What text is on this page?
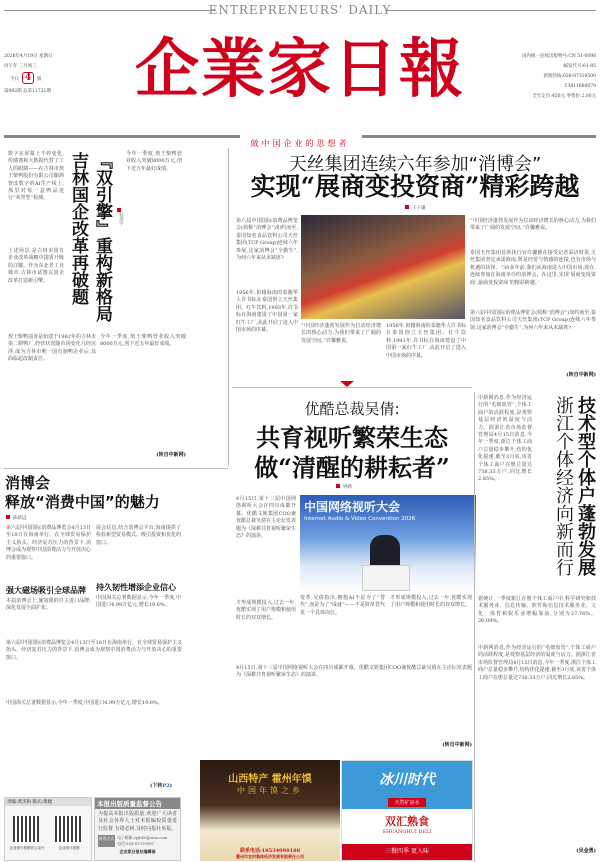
ENTREPRENEURS' DAILY
企業家日報
2026年4月19日 星期日
丙午年 三月初三
今日 4 版
第092期 总第11721期
国内统一连续出版物号:CN 51-0098
邮发代号:61-85
新闻热线:028-87319500
13811660079
全年定价:450元 零售价:2.00元
做中国企业的思想者
数字在屏幕上不停变化,传感器和大数据代替了工人的眼睛——在吉林市敖王柴鸭股份有限公司酿酒智改数字的AI生产线上,那里对每一盒鸭品进行“荣誉型”检测。	吉林国企改革再破题 『双引擎』重构新格局	石洪宇
上述场景,是吉林市国有企业改革战略中提质升级的注脚。作为东北老工业城市,吉林市试图以国企改革打造新引擎。
今年一季度,敖王柴鸭营业收入突破8000万元,创下近五年最好成绩。
敖王柴鸭前身是始建于1982年的吉林市第二制鸭厂,经营状况随市场变化几经沉浮,成为吉林市唯一国有制鸭企业后,其面临起改制责任。
今年一季度,敖王柴鸭营业收入突破8000万元,创下近五年最好成绩。
(转自中新网)
天丝集团连续六年参加“消博会”
实现“展商变投资商”精彩跨越
王子谦
第六届中国国际消费品博览会(简称“消博会”)如约而至,泰国知名食品饮料公司天丝集团(TCP Group)连续六年参展,这家消博会“全勤生”,为何六年来从未缺席?
1956年,祖籍海南的泰籍华人许书标在泰国创立天丝集团。红牛饮料,1993年,许书标在海南建设了中国第一家红牛工厂,从此开启了进入中国市场的序幕。
“中国经济蓬勃发展作为拉动经济增长的核心动力,为我们带来了广阔的发展空间。”许馨雅说。
1956年,祖籍海南的泰籍华人许书标在泰国创立天丝集团。红牛饮料,1993年,许书标在海南建设了中国第一家红牛工厂,从此开启了进入中国市场的序幕。
“中国经济蓬勃发展作为拉动经济增长的核心动力,为我们带来了广阔的发展空间。”许馨雅说。
泰国天丝集团首席执行官许馨雅在接受记者采访时说,天丝集团坚定承诺海南,既是经贸与情感的连接,也有市场与机遇的抉择。“30多年前,我们从海南进入中国市场;现在,连续参加在海南举办的消博会。在这里,实现‘展商变投资商’,最商变投资商‘的精彩跨越。’
第六届中国国际消费品博览会(简称“消博会”)如约而至,泰国知名食品饮料公司天丝集团(TCP Group)连续六年参展,这家消博会“全勤生”,为何六年来从未缺席?
(转自中新网)
优酷总裁吴倩:
共育视听繁荣生态
做“清醒的耕耘者”
钟新
4月15日,第十三届中国网络视听大会在四川成都开幕。优酷文娱集团COO兼优酷总裁吴倩在主论坛发表题为《深耕共育视听繁荣生态》的演讲。
中国网络视听大会
Internet Audio & Video Convention 2026
变革,吴倩指出,拥抱AI不是为了“替代”,而是为了“成就”——不是简单替代某一个具体岗位。
才形成规模投入,过去一年,优酷实现了用户规模和使用时长的双双增长。
才形成规模投入,过去一年,优酷实现了用户规模和使用时长的双双增长。
4月15日,第十三届中国网络视听大会在四川成都开幕。优酷文娱集团COO兼优酷总裁吴倩在主论坛发表题为《深耕共育视听繁荣生态》的演讲。
(转自中新网)
中新网消息,作为经济运行的“毛细血管”,个体工商户的活跃程度,是观察基层经济的温度与活力。据浙江省市场监督管理局4月15日消息,今年一季度,浙江个体工商户总量稳步攀升,结构优化提速,截至3月底,该省个体工商户在册总量达738.33万户,同比增长2.85%。	技术型个体户蓬勃发展
浙江个体经济向新而行
据统计,一季度新江在册个体工商户中,科学研究和技术服务业、信息传输、软件和信息技术服务业、文化、体育和娱乐业增幅靠前,分别为27.76%、26.09%。
中新网消息,作为经济运行的“毛细血管”,个体工商户的活跃程度,是观察基层经济的温度与活力。据浙江省市场监督管理局4月15日消息,今年一季度,浙江个体工商户总量稳步攀升,结构优化提速,截至3月底,该省个体工商户在册总量达738.33万户,同比增长2.85%。
(吴金勇)
消博会
释放“消费中国”的魅力
陈新远
第六届中国国际消费品博览会4月13日至18日在海南举行。在全球贸易保护主义抬头、经济复苏压力的背景下,消博会成为观察中国消费活力与开放决心的重要窗口。
强大磁场吸引全球品牌
本届消博会上,施加剧的自主进口品牌,深化发展全面扩张。
展会信息,结合消博会平台,海南提供了检验新型贸易模式、吸引投资和优化的窗口。
持久韧性增添企业信心
中国海关总署数据显示,今年一季度,中国进口4.99万亿元,增长19.6%。
第六届中国国际消费品博览会4月13日至18日在海南举行。在全球贸易保护主义抬头、经济复苏压力的背景下,消博会成为观察中国消费活力与开放决心的重要窗口。
中国海关总署数据显示,今年一季度,中国进口4.99万亿元,增长19.6%。
(下转P2)
责编:黄杰和 版式:黄婕
企业家日报微信公众号	企业家日报网
本报出版质量监督公告
为提高本报出版质量,欢迎广大读者及社会各界人士对本报编校质量进行监督,有错必纠,及时向报社举报。
联系方式 电子邮箱:cyjb49@sina.com
电话:028-87319587
企业家日报社编辑部
山西特产 霍州年馍
中国年馍之乡
联系电话:18534090188
霍州市农村集体经济发展有限责任公司
冰川时代
天然矿泉水
双汇熟食
SHUANGHUI DELI
三餐四季 更入味
